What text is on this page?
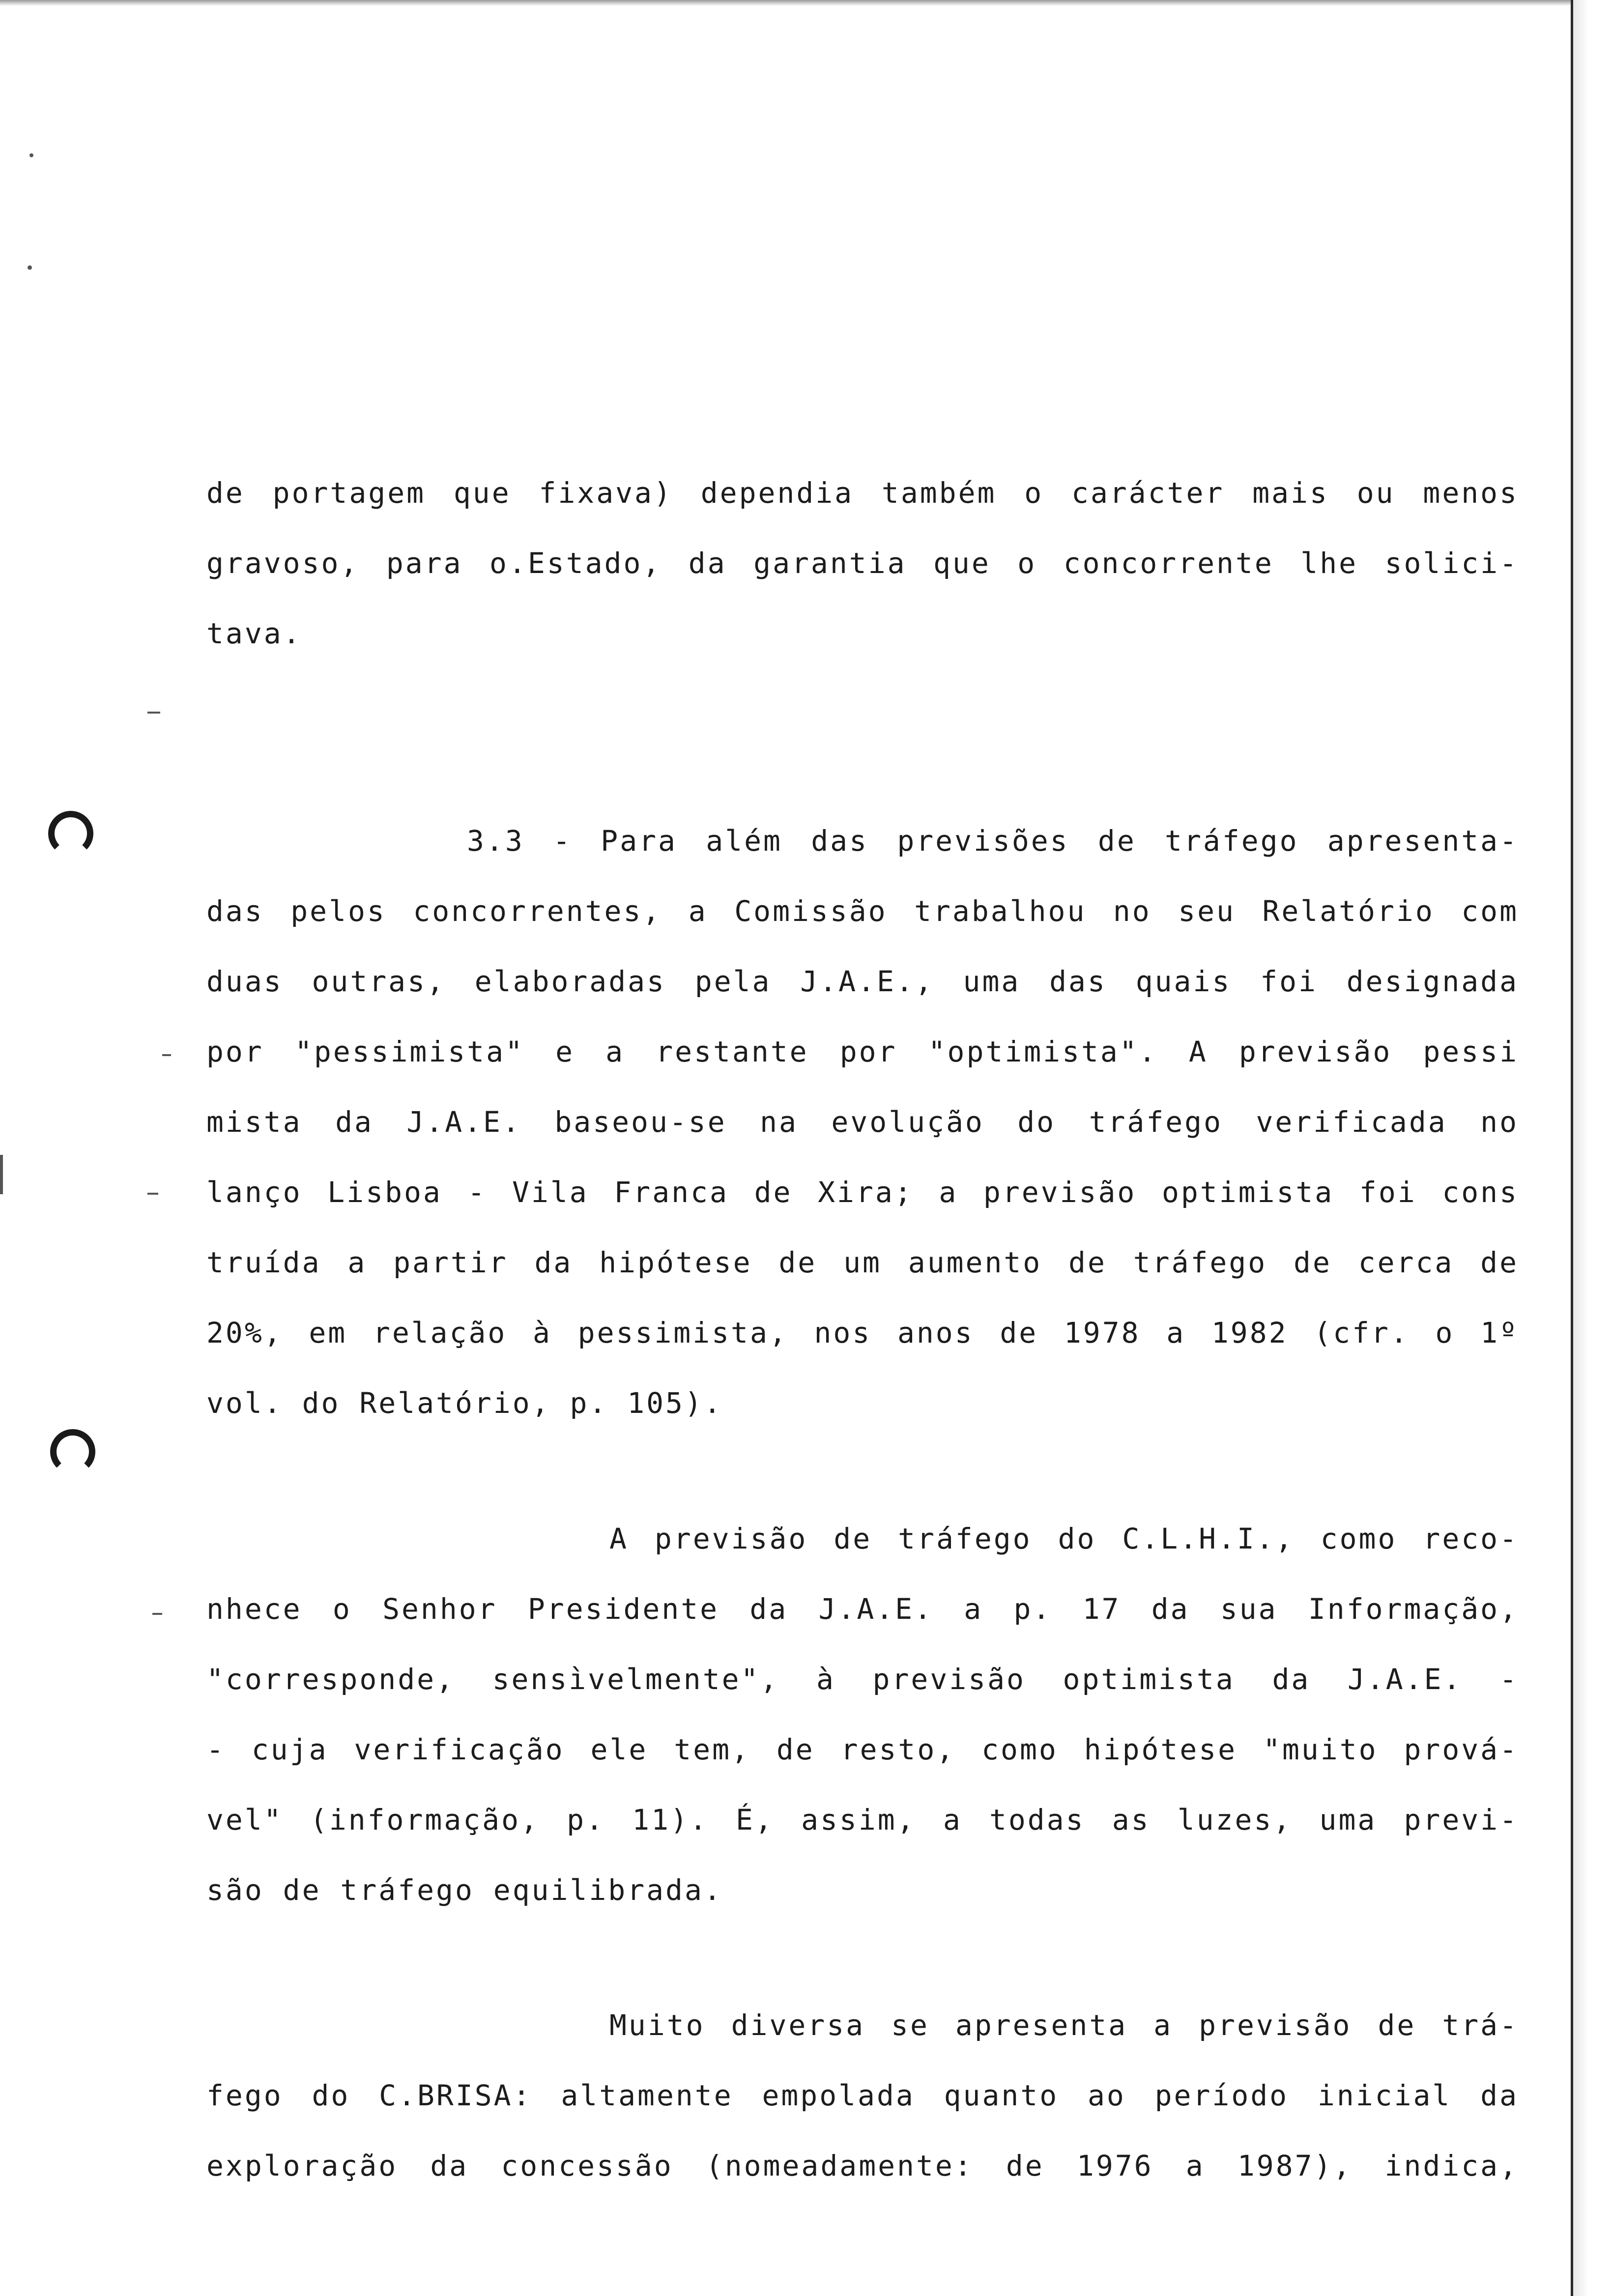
de portagem que fixava) dependia também o carácter mais ou menos
gravoso, para o.Estado, da garantia que o concorrente lhe solici-
tava.
3.3 - Para além das previsões de tráfego apresenta-
das pelos concorrentes, a Comissão trabalhou no seu Relatório com
duas outras, elaboradas pela J.A.E., uma das quais foi designada
por "pessimista" e a restante por "optimista". A previsão pessi
mista da J.A.E. baseou-se na evolução do tráfego verificada no
lanço Lisboa - Vila Franca de Xira; a previsão optimista foi cons
truída a partir da hipótese de um aumento de tráfego de cerca de
20%, em relação à pessimista, nos anos de 1978 a 1982 (cfr. o 1º
vol. do Relatório, p. 105).
A previsão de tráfego do C.L.H.I., como reco-
nhece o Senhor Presidente da J.A.E. a p. 17 da sua Informação,
"corresponde, sensìvelmente", à previsão optimista da J.A.E. -
- cuja verificação ele tem, de resto, como hipótese "muito prová-
vel" (informação, p. 11). É, assim, a todas as luzes, uma previ-
são de tráfego equilibrada.
Muito diversa se apresenta a previsão de trá-
fego do C.BRISA: altamente empolada quanto ao período inicial da
exploração da concessão (nomeadamente: de 1976 a 1987), indica,
